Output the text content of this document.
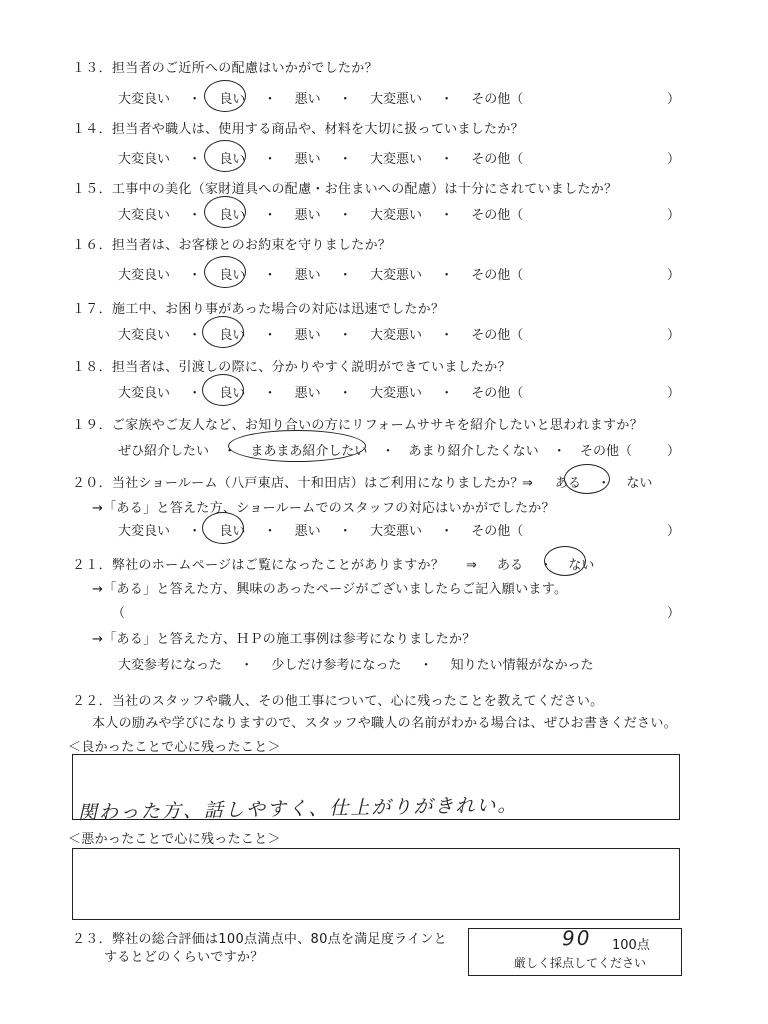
１３．担当者のご近所への配慮はいかがでしたか？
大変良い ・ 良い ・ 悪い ・ 大変悪い ・ その他（	）
１４．担当者や職人は、使用する商品や、材料を大切に扱っていましたか？
大変良い ・ 良い ・ 悪い ・ 大変悪い ・ その他（	）
１５．工事中の美化（家財道具への配慮・お住まいへの配慮）は十分にされていましたか？
大変良い ・ 良い ・ 悪い ・ 大変悪い ・ その他（	）
１６．担当者は、お客様とのお約束を守りましたか？
大変良い ・ 良い ・ 悪い ・ 大変悪い ・ その他（	）
１７．施工中、お困り事があった場合の対応は迅速でしたか？
大変良い ・ 良い ・ 悪い ・ 大変悪い ・ その他（	）
１８．担当者は、引渡しの際に、分かりやすく説明ができていましたか？
大変良い ・ 良い ・ 悪い ・ 大変悪い ・ その他（	）
１９．ご家族やご友人など、お知り合いの方にリフォームササキを紹介したいと思われますか？
ぜひ紹介したい ・ まあまあ紹介したい ・ あまり紹介したくない ・ その他（	）
２０．当社ショールーム（八戸東店、十和田店）はご利用になりましたか？
⇒ ある ・ ない
→「ある」と答えた方、ショールームでのスタッフの対応はいかがでしたか？
大変良い ・ 良い ・ 悪い ・ 大変悪い ・ その他（	）
２１．弊社のホームページはご覧になったことがありますか？ ⇒ ある ・ ない
→「ある」と答えた方、興味のあったページがございましたらご記入願います。
（	）
→「ある」と答えた方、ＨＰの施工事例は参考になりましたか？
大変参考になった ・ 少しだけ参考になった ・ 知りたい情報がなかった
２２．当社のスタッフや職人、その他工事について、心に残ったことを教えてください。
本人の励みや学びになりますので、スタッフや職人の名前がわかる場合は、ぜひお書きください。
＜良かったことで心に残ったこと＞
関わった方、話しやすく、仕上がりがきれい。
＜悪かったことで心に残ったこと＞
２３．弊社の総合評価は100点満点中、80点を満足度ラインと
するとどのくらいですか？
90 100点
厳しく採点してください
